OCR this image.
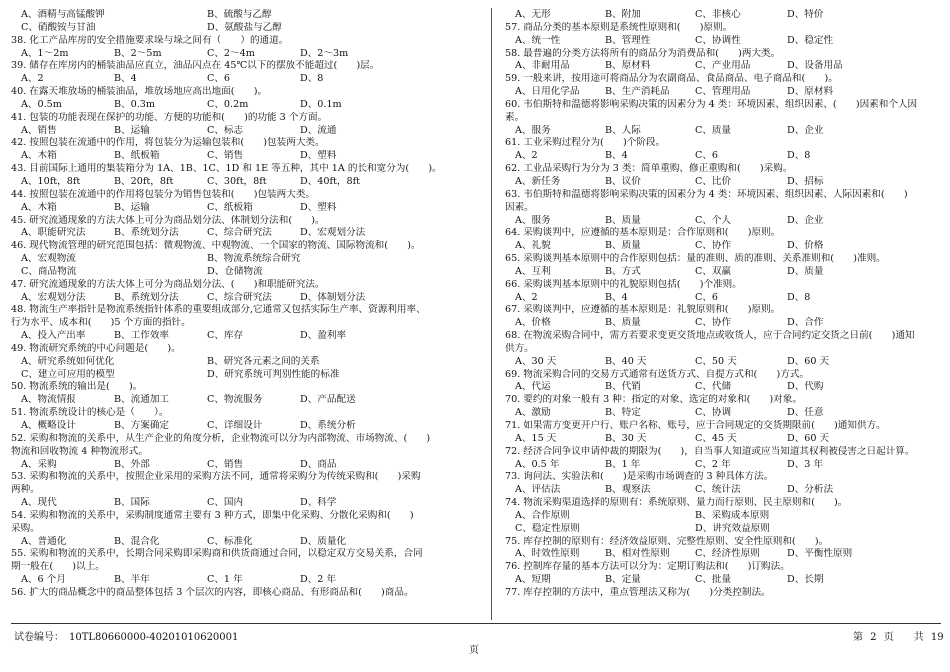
A、酒精与高锰酸钾	B、硫酸与乙醇
C、硝酸铵与甘油	D、氨酸盐与乙醇
38. 化工产品库房的安全措施要求垛与垛之间有（　　）的通道。
A、1～2m	B、2～5m	C、2～4m	D、2～3m
39. 储存在库房内的桶装油品应直立，油品闪点在 45℃以下的摆放不能超过(　　)层。
A、2	B、4	C、6	D、8
40. 在露天堆放场的桶装油品，堆放场地应高出地面(　　)。
A、0.5m	B、0.3m	C、0.2m	D、0.1m
41. 包装的功能表现在保护的功能、方便的功能和(　　)的功能 3 个方面。
A、销售	B、运输	C、标志	D、流通
42. 按照包装在流通中的作用，将包装分为运输包装和(　　)包装两大类。
A、木箱	B、纸板箱	C、销售	D、塑料
43. 目前国际上通用的集装箱分为 1A、1B、1C、1D 和 1E 等五种，其中 1A 的长和宽分为(　　)。
A、10ft，8ft	B、20ft，8ft	C、30ft，8ft	D、40ft，8ft
44. 按照包装在流通中的作用将包装分为销售包装和(　　)包装两大类。
A、木箱	B、运输	C、纸板箱	D、塑料
45. 研究流通现象的方法大体上可分为商品划分法、体制划分法和(　　)。
A、职能研究法	B、系统划分法	C、综合研究法	D、宏观划分法
46. 现代物流管理的研究范围包括：微观物流、中观物流、一个国家的物流、国际物流和(　　)。
A、宏观物流	B、物流系统综合研究
C、商品物流	D、仓储物流
47. 研究流通现象的方法大体上可分为商品划分法、(　　)和职能研究法。
A、宏观划分法	B、系统划分法	C、综合研究法	D、体制划分法
48. 物流生产率指针是物流系统指针体系的重要组成部分,它通常又包括实际生产率、资源利用率、
行为水平、成本和(　　)5 个方面的指针。
A、投入产出率	B、工作效率	C、库存	D、盈利率
49. 物流研究系统的中心问题是(　　)。
A、研究系统如何优化	B、研究各元素之间的关系
C、建立可应用的模型	D、研究系统可判别性能的标准
50. 物流系统的输出是(　　)。
A、物流情报	B、流通加工	C、物流服务	D、产品配送
51. 物流系统设计的核心是（　　）。
A、概略设计	B、方案确定	C、详细设计	D、系统分析
52. 采购和物流的关系中，从生产企业的角度分析，企业物流可以分为内部物流、市场物流、(　　)
物流和回收物流 4 种物流形式。
A、采购	B、外部	C、销售	D、商品
53. 采购和物流的关系中，按照企业采用的采购方法不同，通常将采购分为传统采购和(　　)采购
两种。
A、现代	B、国际	C、国内	D、科学
54. 采购和物流的关系中，采购制度通常主要有 3 种方式，即集中化采购、分散化采购和(　　)
采购。
A、普通化	B、混合化	C、标准化	D、质量化
55. 采购和物流的关系中，长期合同采购即采购商和供货商通过合同，以稳定双方交易关系，合同
期一般在(　　)以上。
A、6 个月	B、半年	C、1 年	D、2 年
56. 扩大的商品概念中的商品整体包括 3 个层次的内容，即核心商品、有形商品和(　　)商品。
A、无形	B、附加	C、非核心	D、特价
57. 商品分类的基本原则是系统性原则和(　　)原则。
A、统一性	B、管理性	C、协调性	D、稳定性
58. 最普遍的分类方法将所有的商品分为消费品和(　　)两大类。
A、非耐用品	B、原材料	C、产业用品	D、设备用品
59. 一般来讲，按用途可将商品分为农副商品、食品商品、电子商品和(　　)。
A、日用化学品	B、生产消耗品	C、管理用品	D、原材料
60. 韦伯斯特和温德将影响采购决策的因素分为 4 类：环境因素、组织因素、(　　)因素和个人因
素。
A、服务	B、人际	C、质量	D、企业
61. 工业采购过程分为(　　)个阶段。
A、2	B、4	C、6	D、8
62. 工业品采购行为分为 3 类：简单重购、修正重购和(　　)采购。
A、新任务	B、议价	C、比价	D、招标
63. 韦伯斯特和温德将影响采购决策的因素分为 4 类：环境因素、组织因素、人际因素和(　　)
因素。
A、服务	B、质量	C、个人	D、企业
64. 采购谈判中，应遵循的基本原则是：合作原则和(　　)原则。
A、礼貌	B、质量	C、协作	D、价格
65. 采购谈判基本原则中的合作原则包括：量的准则、质的准则、关系准则和(　　)准则。
A、互利	B、方式	C、双赢	D、质量
66. 采购谈判基本原则中的礼貌原则包括(　　)个准则。
A、2	B、4	C、6	D、8
67. 采购谈判中，应遵循的基本原则是：礼貌原则和(　　)原则。
A、价格	B、质量	C、协作	D、合作
68. 在物流采购合同中，需方若要求变更交货地点或收货人，应于合同约定交货之日前(　　)通知
供方。
A、30 天	B、40 天	C、50 天	D、60 天
69. 物流采购合同的交易方式通常有送货方式、自提方式和(　　)方式。
A、代运	B、代销	C、代储	D、代购
70. 要约的对象一般有 3 种：指定的对象、选定的对象和(　　)对象。
A、激励	B、特定	C、协调	D、任意
71. 如果需方变更开户行、账户名称、账号，应于合同规定的交货期限前(　　)通知供方。
A、15 天	B、30 天	C、45 天	D、60 天
72. 经济合同争议申请仲裁的期限为(　　)，自当事人知道或应当知道其权利被侵害之日起计算。
A、0.5 年	B、1 年	C、2 年	D、3 年
73. 询问法、实验法和(　　)是采购市场调查的 3 种具体方法。
A、评估法	B、观察法	C、统计法	D、分析法
74. 物流采购渠道选择的原则有：系统原则、量力而行原则、民主原则和(　　)。
A、合作原则	B、采购成本原则
C、稳定性原则	D、讲究效益原则
75. 库存控制的原则有：经济效益原则、完整性原则、安全性原则和(　　)。
A、时效性原则	B、相对性原则	C、经济性原则	D、平衡性原则
76. 控制库存量的基本方法可以分为：定期订购法和(　　)订购法。
A、短期	B、定量	C、批量	D、长期
77. 库存控制的方法中，重点管理法又称为(　　)分类控制法。
试卷编号：　10TL80660000-40201010620001	第 2 页　　共 19
页
